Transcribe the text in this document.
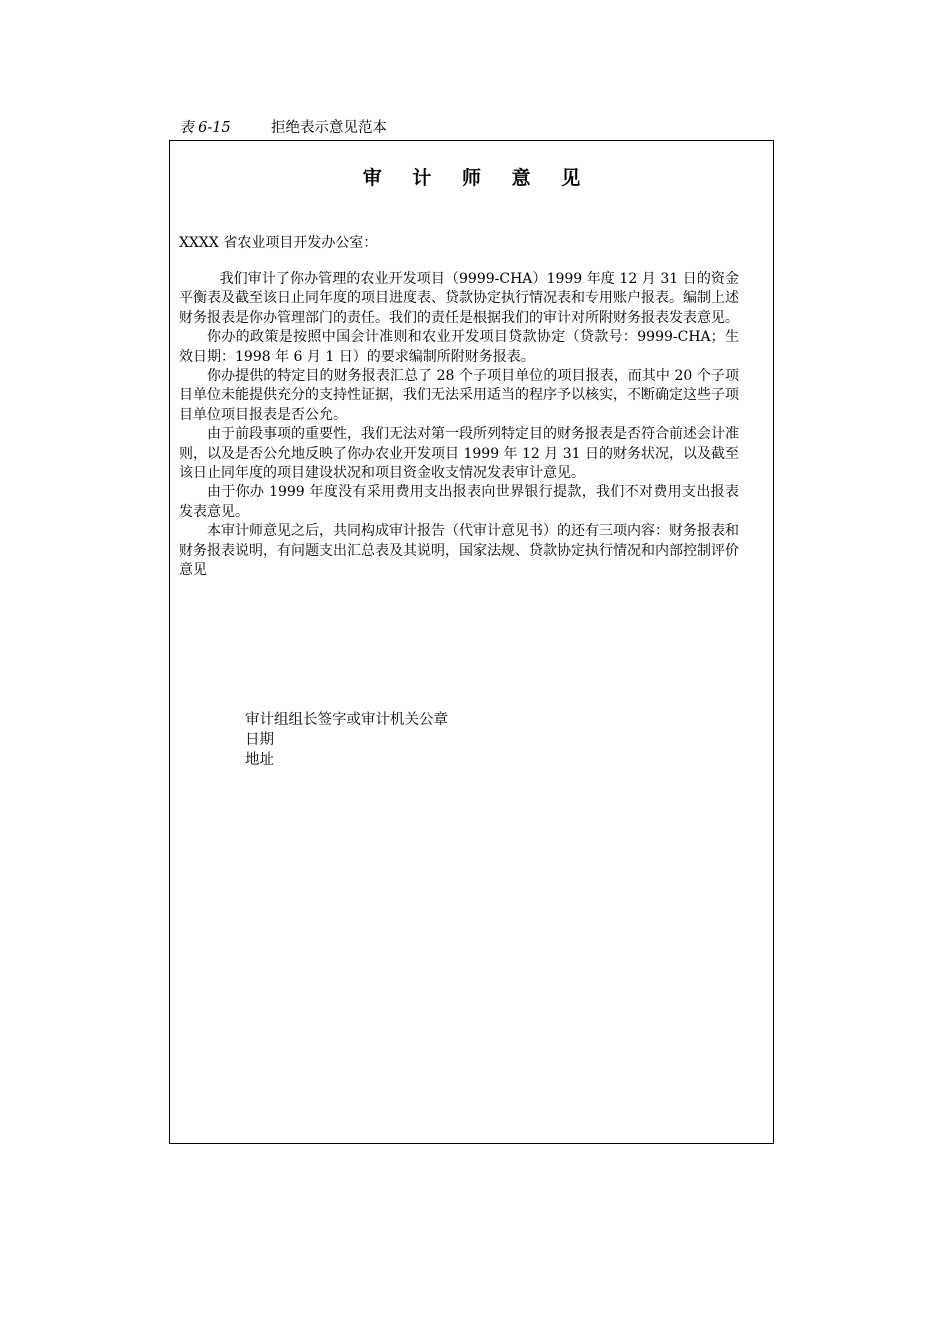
表 6-15	拒绝表示意见范本
审 计 师 意 见
XXXX 省农业项目开发办公室：

我们审计了你办管理的农业开发项目（9999-CHA）1999 年度 12 月 31 日的资金平衡表及截至该日止同年度的项目进度表、贷款协定执行情况表和专用账户报表。编制上述财务报表是你办管理部门的责任。我们的责任是根据我们的审计对所附财务报表发表意见。

你办的政策是按照中国会计准则和农业开发项目贷款协定（贷款号：9999-CHA；生效日期：1998 年 6 月 1 日）的要求编制所附财务报表。

你办提供的特定目的财务报表汇总了 28 个子项目单位的项目报表，而其中 20 个子项目单位未能提供充分的支持性证据，我们无法采用适当的程序予以核实，不断确定这些子项目单位项目报表是否公允。

由于前段事项的重要性，我们无法对第一段所列特定目的财务报表是否符合前述会计准则，以及是否公允地反映了你办农业开发项目 1999 年 12 月 31 日的财务状况，以及截至该日止同年度的项目建设状况和项目资金收支情况发表审计意见。

由于你办 1999 年度没有采用费用支出报表向世界银行提款，我们不对费用支出报表发表意见。

本审计师意见之后，共同构成审计报告（代审计意见书）的还有三项内容：财务报表和财务报表说明，有问题支出汇总表及其说明，国家法规、贷款协定执行情况和内部控制评价意见

审计组组长签字或审计机关公章
日期
地址
